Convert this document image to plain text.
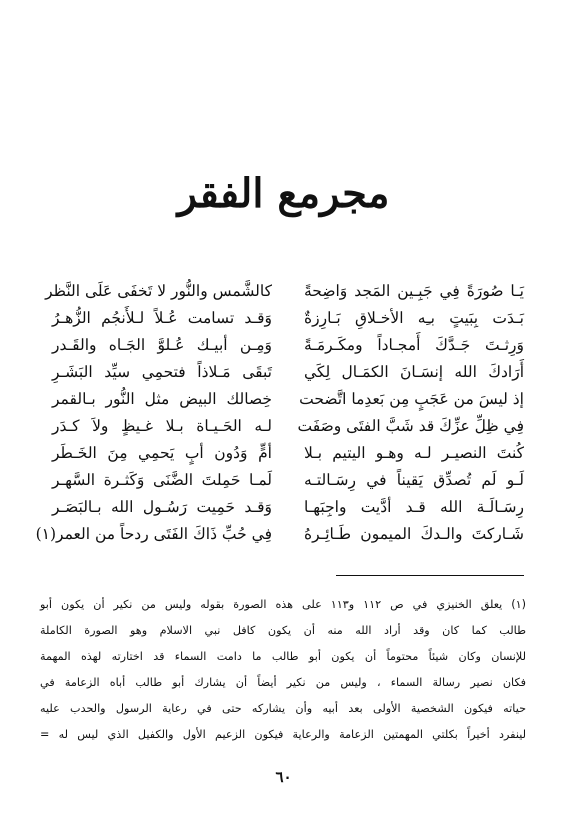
مجرمع الفقر
يَـا صُورَةً فِي جَبِـين المَجد وَاضِحةً
كالشَّمس والنُّور لا تَخفَى عَلَى النَّظر
بَـدَت بِبَيتٍ بـِه الأخـلاقِ بَـارِزةٌ
وَقـد تسامت عُـلاً لـلأَنجُم الزُّهـرُ
وَرِثـتَ جَـدَّكَ أَمجـاداً ومكَـرمَـةً
وَمِـن أبيـك عُـلوَّ الجَـاه والقَـدر
أَرَادكَ الله إنسَـانَ الكمَـال لِكَي
تَبقَى مَـلاذاً فتحمِي سيِّد البَشَـرِ
إذ ليسَ من عَجَبٍ مِن بَعدِما اتَّضحت
خِصالك البيض مثل النُّور بـالقمر
فِي ظِلِّ عزِّكَ قد شَبَّ الفتَى وصَفَت
لـه الحَـيـاة بـلا غـيظٍ ولاَ كـدَر
كُنتَ النصيـر لـه وهـو اليتيم بـلا
أمٍّ وَدُون أبٍ يَحمِي مِنَ الخَـطَر
لَـو لَم تُصدِّق يَقيناً في رِسَـالتـه
لَمـا حَمِلتَ الضَّنَى وَكَثـرة السَّهـر
رِسَـالَـة الله قـد أدَّيت واجِبَهـا
وَقـد حَمِيت رَسُـول الله بـالبَصَـر
شَـاركتَ والـدكَ الميمون طَـائِـرهُ
فِي حُبِّ ذَاكَ الفَتَى ردحاً من العمر(١)
(١) يعلق الخنيزي في ص ١١٢ و١١٣ على هذه الصورة بقوله وليس من نكير أن يكون أبو
طالب كما كان وقد أراد الله منه أن يكون كافل نبي الاسلام وهو الصورة الكاملة
للإنسان وكان شيئاً محتوماً أن يكون أبو طالب ما دامت السماء قد اختارته لهذه المهمة
فكان نصير رسالة السماء ، وليس من نكير أيضاً أن يشارك أبو طالب أباه الزعامة في
حياته فيكون الشخصية الأولى بعد أبيه وأن يشاركه حتى في رعاية الرسول والحدب عليه
لينفرد أخيراً بكلتي المهمتين الزعامة والرعاية فيكون الزعيم الأول والكفيل الذي ليس له =
٦٠
